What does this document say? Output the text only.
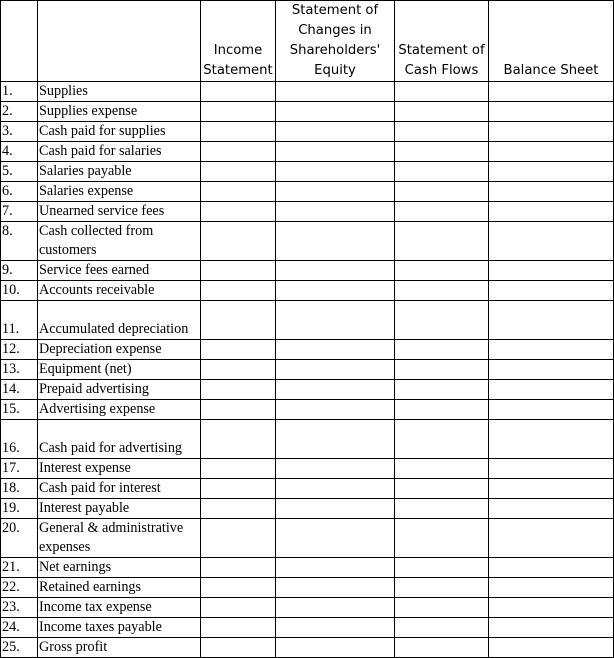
		Income Statement	Statement of Changes in Shareholders' Equity	Statement of Cash Flows	Balance Sheet
1.	Supplies				
2.	Supplies expense				
3.	Cash paid for supplies				
4.	Cash paid for salaries				
5.	Salaries payable				
6.	Salaries expense				
7.	Unearned service fees				
8.	Cash collected from customers				
9.	Service fees earned				
10.	Accounts receivable				
11.	Accumulated depreciation				
12.	Depreciation expense				
13.	Equipment (net)				
14.	Prepaid advertising				
15.	Advertising expense				
16.	Cash paid for advertising				
17.	Interest expense				
18.	Cash paid for interest				
19.	Interest payable				
20.	General & administrative expenses				
21.	Net earnings				
22.	Retained earnings				
23.	Income tax expense				
24.	Income taxes payable				
25.	Gross profit				
